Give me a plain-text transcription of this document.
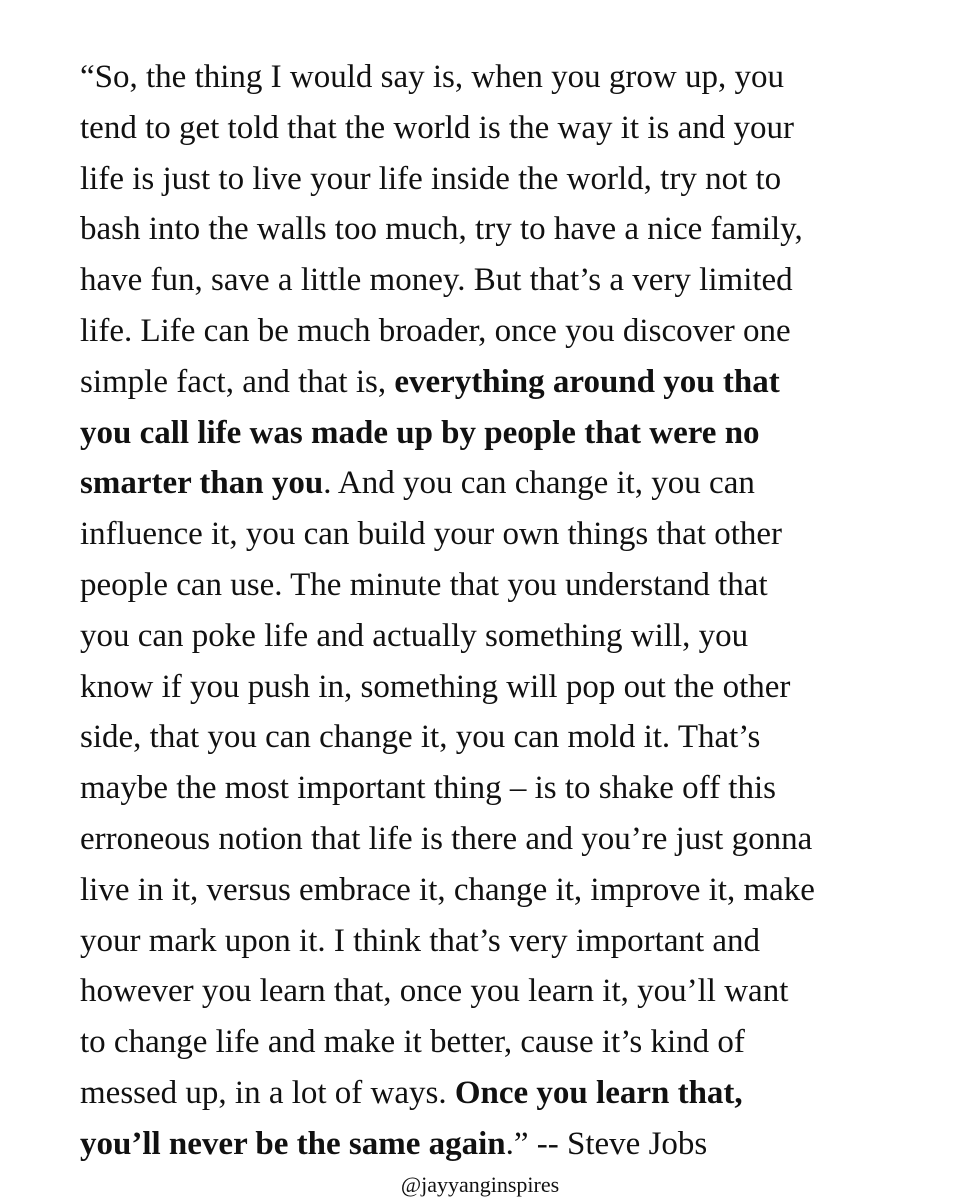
“So, the thing I would say is, when you grow up, you
tend to get told that the world is the way it is and your
life is just to live your life inside the world, try not to
bash into the walls too much, try to have a nice family,
have fun, save a little money. But that’s a very limited
life. Life can be much broader, once you discover one
simple fact, and that is, everything around you that
you call life was made up by people that were no
smarter than you. And you can change it, you can
influence it, you can build your own things that other
people can use. The minute that you understand that
you can poke life and actually something will, you
know if you push in, something will pop out the other
side, that you can change it, you can mold it. That’s
maybe the most important thing – is to shake off this
erroneous notion that life is there and you’re just gonna
live in it, versus embrace it, change it, improve it, make
your mark upon it. I think that’s very important and
however you learn that, once you learn it, you’ll want
to change life and make it better, cause it’s kind of
messed up, in a lot of ways. Once you learn that,
you’ll never be the same again.” -- Steve Jobs
@jayyanginspires
